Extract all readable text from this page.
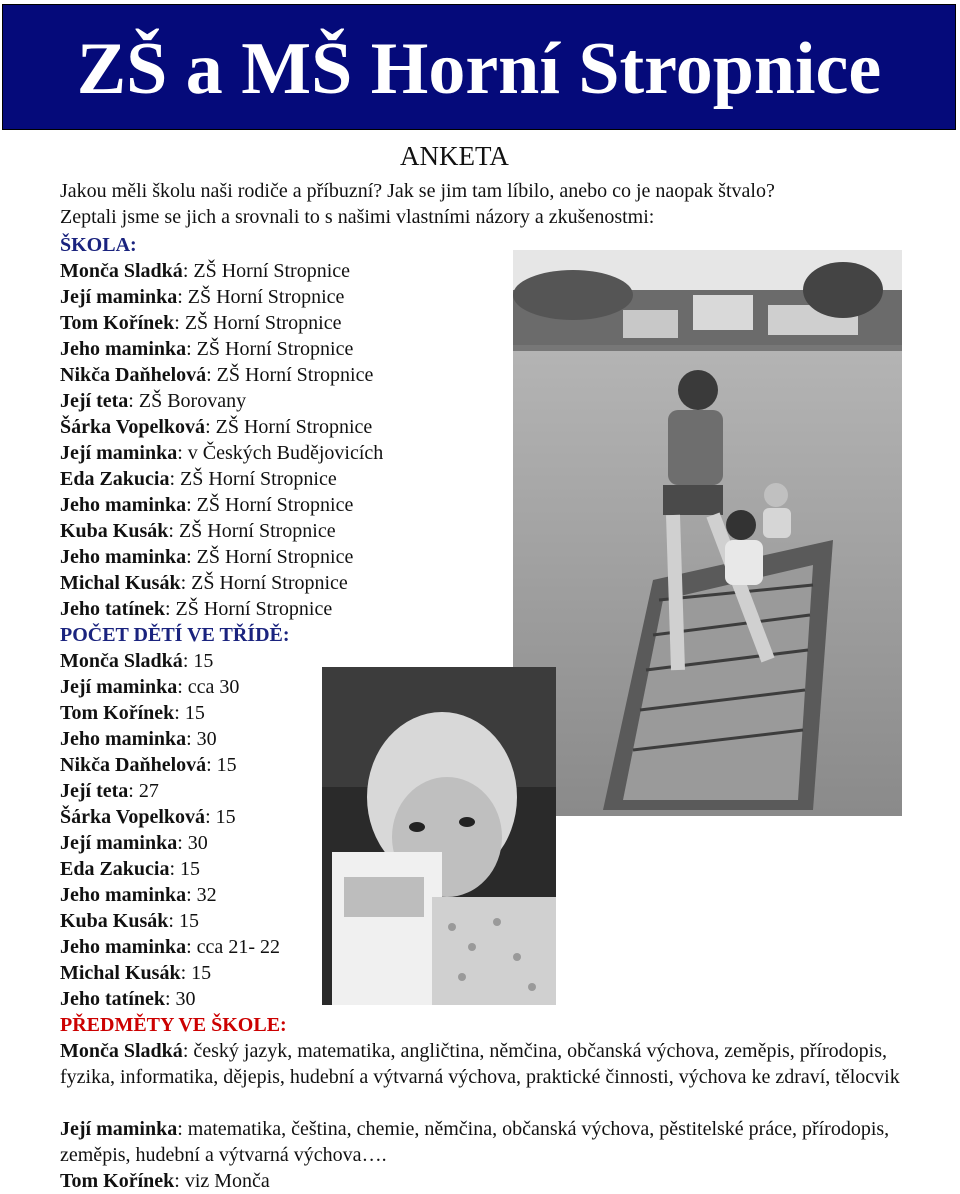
ZŠ a MŠ Horní Stropnice
ANKETA
Jakou měli školu naši rodiče a příbuzní? Jak se jim tam líbilo, anebo co je naopak štvalo?
Zeptali jsme se jich a srovnali to s našimi vlastními názory a zkušenostmi:
ŠKOLA:
Monča Sladká: ZŠ Horní Stropnice
Její maminka: ZŠ Horní Stropnice
Tom Kořínek: ZŠ Horní Stropnice
Jeho maminka: ZŠ Horní Stropnice
Nikča Daňhelová: ZŠ Horní Stropnice
Její teta: ZŠ Borovany
Šárka Vopelková: ZŠ Horní Stropnice
Její maminka: v Českých Budějovicích
Eda Zakucia: ZŠ Horní Stropnice
Jeho maminka: ZŠ Horní Stropnice
Kuba Kusák: ZŠ Horní Stropnice
Jeho maminka: ZŠ Horní Stropnice
Michal Kusák: ZŠ Horní Stropnice
Jeho tatínek: ZŠ Horní Stropnice
POČET DĚTÍ VE TŘÍDĚ:
Monča Sladká: 15
Její maminka: cca 30
Tom Kořínek: 15
Jeho maminka: 30
Nikča Daňhelová: 15
Její teta: 27
Šárka Vopelková: 15
Její maminka: 30
Eda Zakucia: 15
Jeho maminka: 32
Kuba Kusák: 15
Jeho maminka: cca 21- 22
Michal Kusák: 15
Jeho tatínek: 30
PŘEDMĚTY VE ŠKOLE:
Monča Sladká: český jazyk, matematika, angličtina, němčina, občanská výchova, zeměpis, přírodopis, fyzika, informatika, dějepis, hudební a výtvarná výchova, praktické činnosti, výchova ke zdraví, tělocvik
Její maminka: matematika, čeština, chemie, němčina, občanská výchova, pěstitelské práce, přírodopis, zeměpis, hudební a výtvarná výchova….
Tom Kořínek: viz Monča
